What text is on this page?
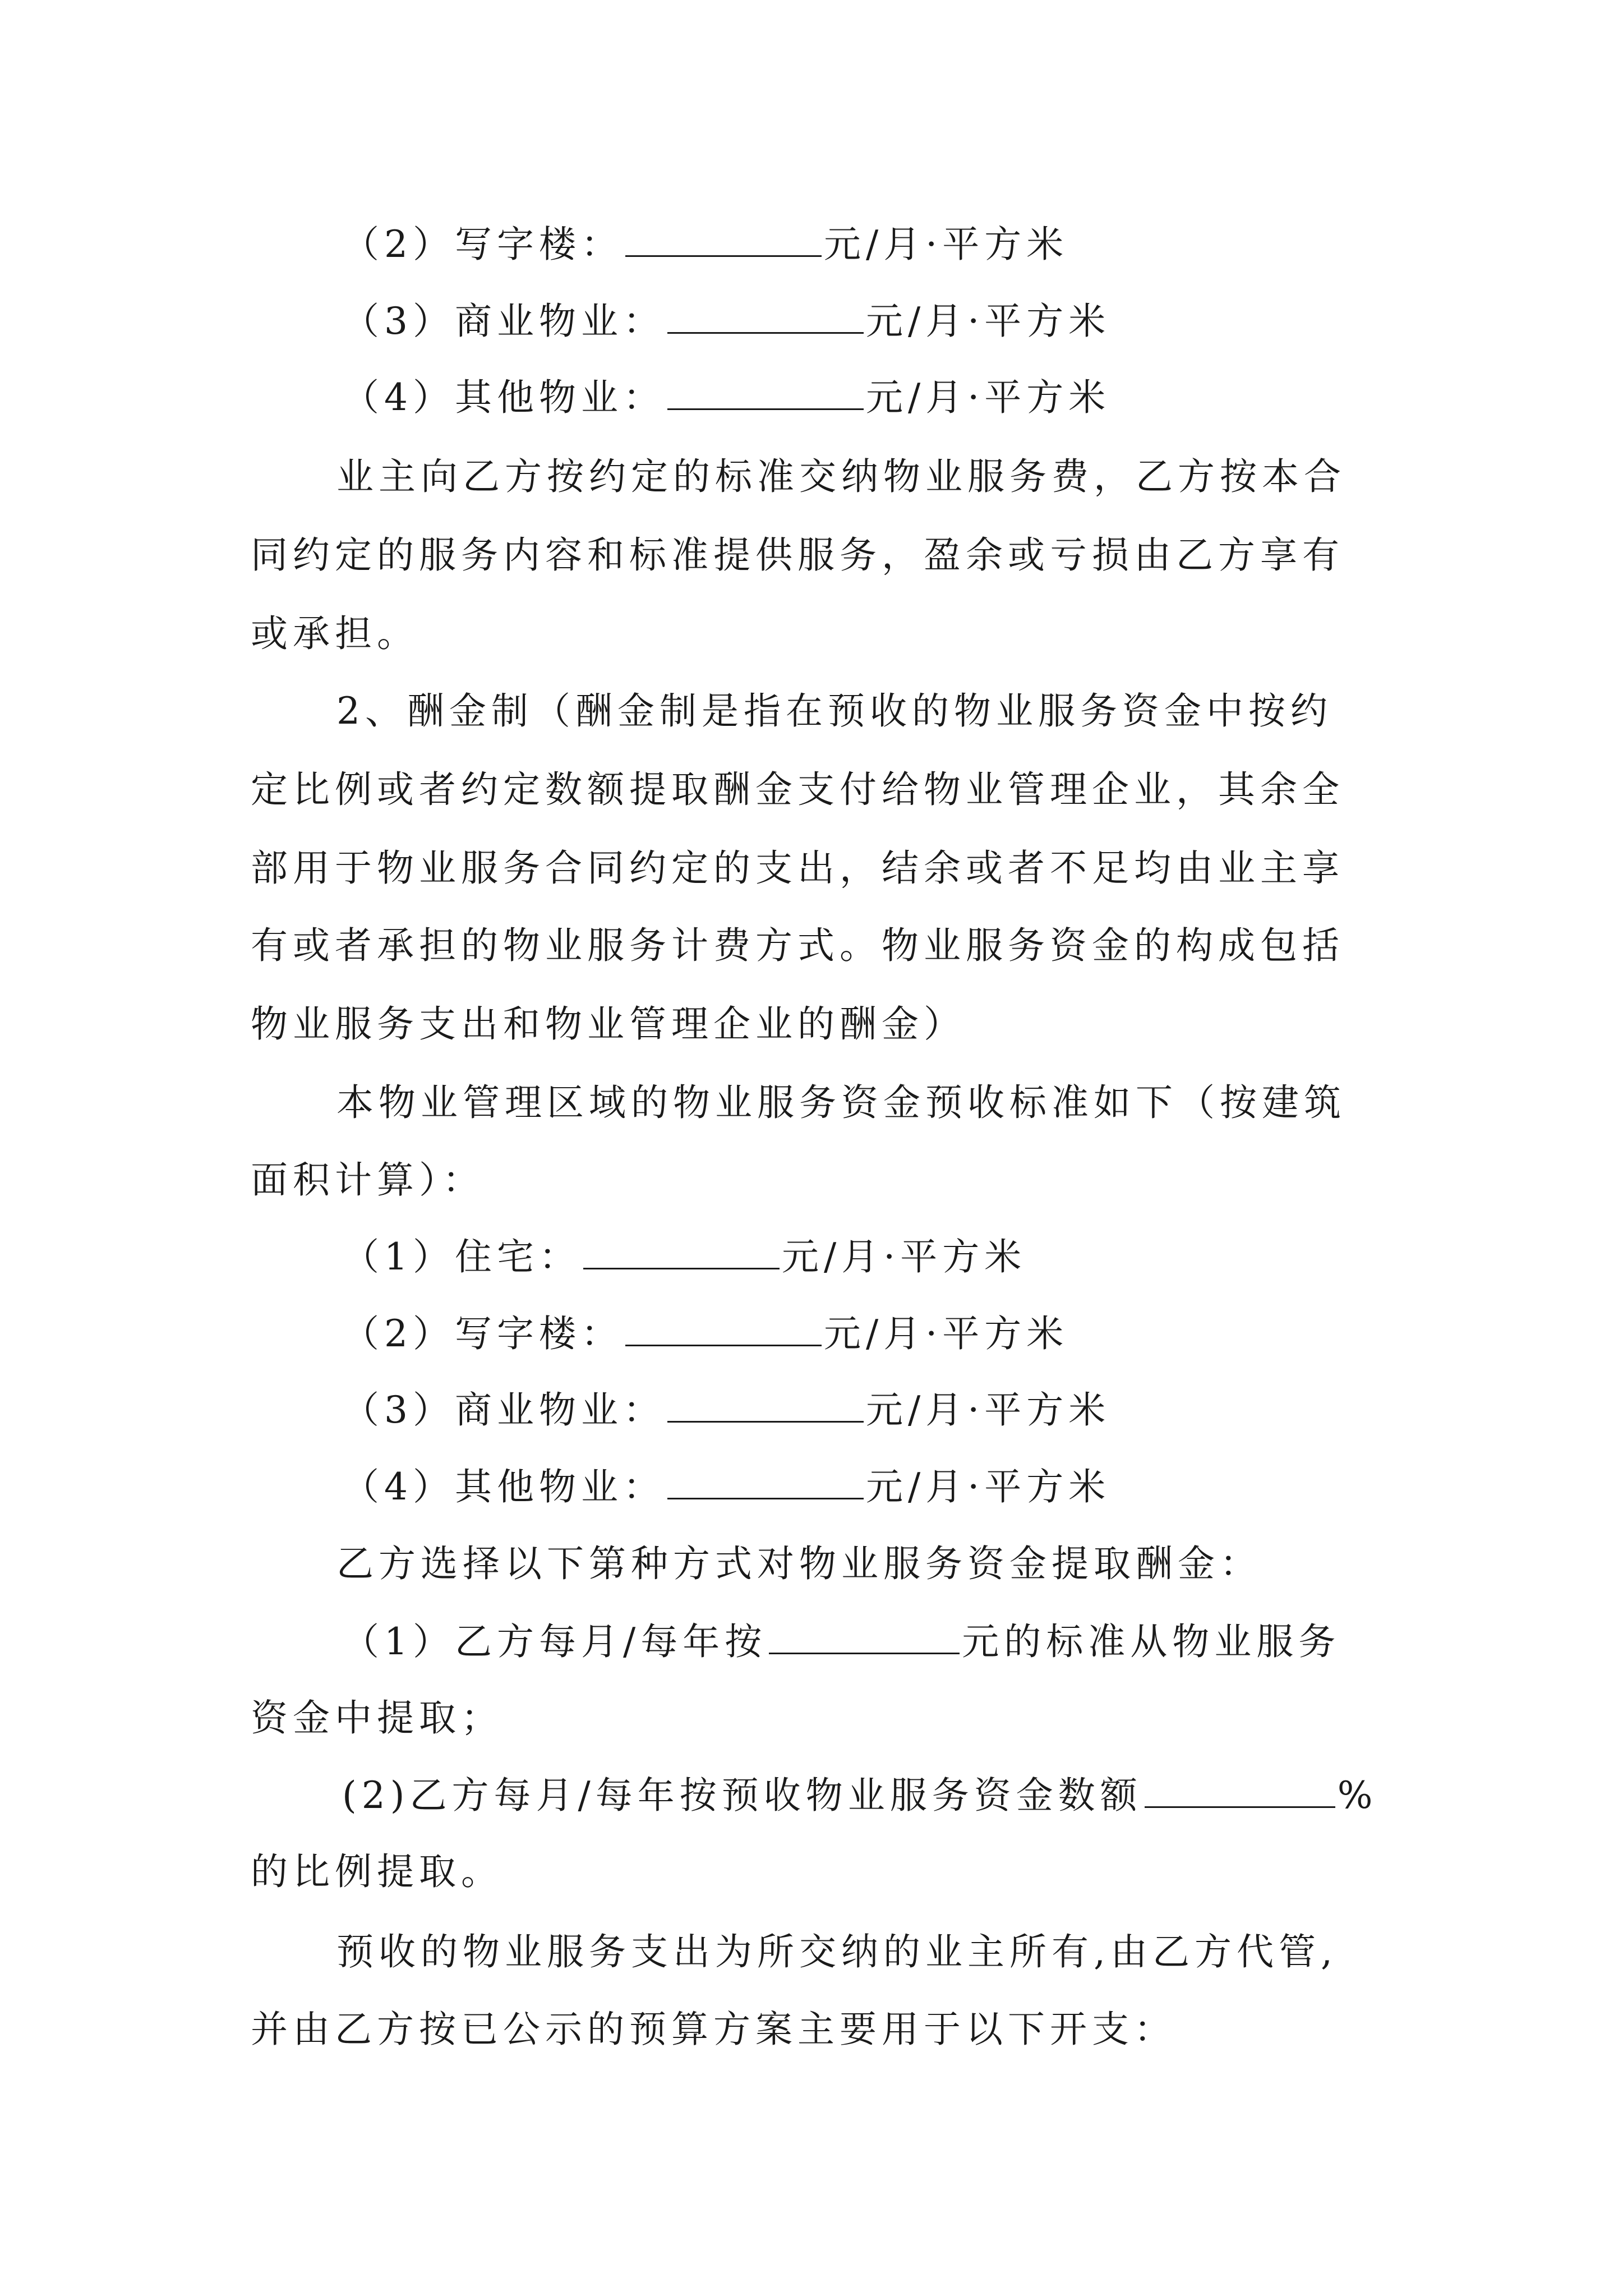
（2）写字楼：	元/月·平方米
（3）商业物业：	元/月·平方米
（4）其他物业：	元/月·平方米
业主向乙方按约定的标准交纳物业服务费，乙方按本合
同约定的服务内容和标准提供服务，盈余或亏损由乙方享有
或承担。
2、酬金制（酬金制是指在预收的物业服务资金中按约
定比例或者约定数额提取酬金支付给物业管理企业，其余全
部用于物业服务合同约定的支出，结余或者不足均由业主享
有或者承担的物业服务计费方式。物业服务资金的构成包括
物业服务支出和物业管理企业的酬金）
本物业管理区域的物业服务资金预收标准如下（按建筑
面积计算）：
（1）住宅：	元/月·平方米
（2）写字楼：	元/月·平方米
（3）商业物业：	元/月·平方米
（4）其他物业：	元/月·平方米
乙方选择以下第种方式对物业服务资金提取酬金：
（1）乙方每月/每年按	元的标准从物业服务
资金中提取；
(2)乙方每月/每年按预收物业服务资金数额	%
的比例提取。
预收的物业服务支出为所交纳的业主所有,由乙方代管,
并由乙方按已公示的预算方案主要用于以下开支：
